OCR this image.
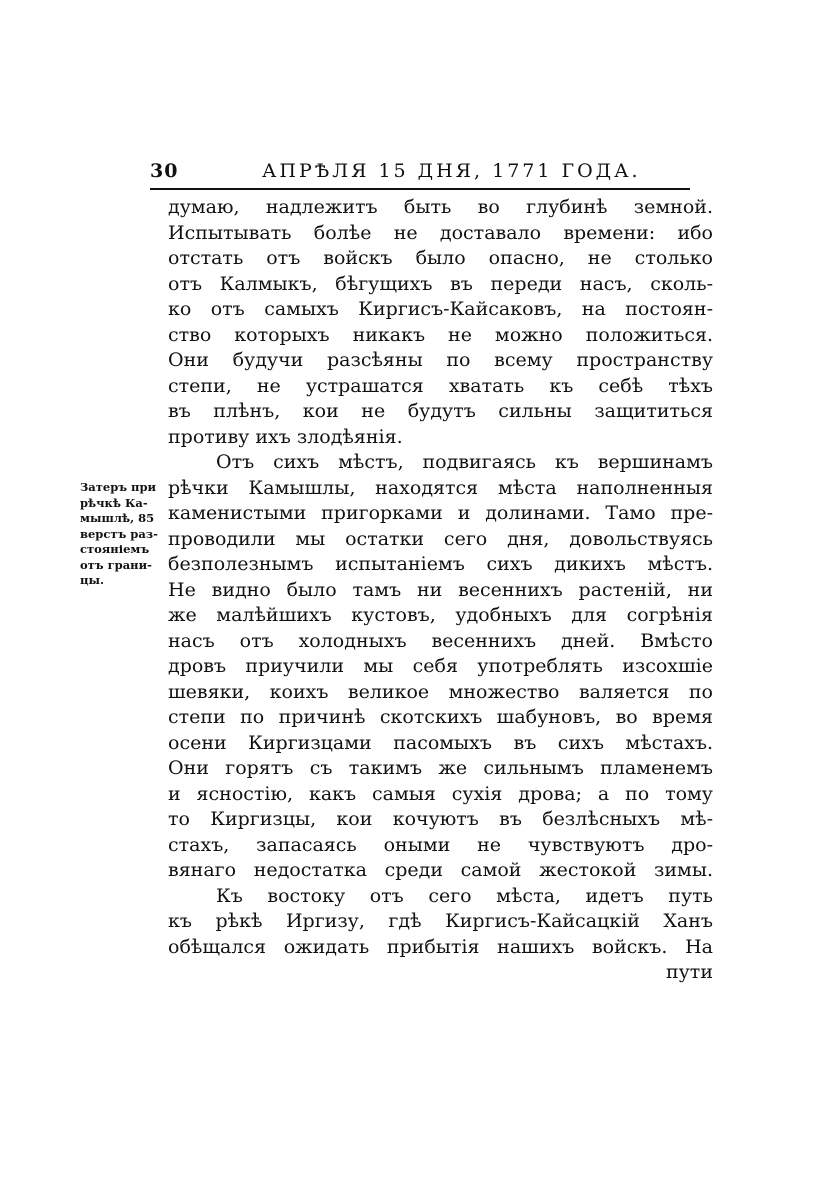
30	АПРѢЛЯ 15 ДНЯ, 1771 ГОДА.
Затеръ при
рѣчкѣ Ка-
мышлѣ, 85
верстъ раз-
стояніемъ
отъ грани-
цы.
думаю, надлежитъ быть во глубинѣ земной.
Испытывать болѣе не доставало времени: ибо
отстать отъ войскъ было опасно, не столько
отъ Калмыкъ, бѣгущихъ въ переди насъ, сколь-
ко отъ самыхъ Киргисъ-Кайсаковъ, на постоян-
ство которыхъ никакъ не можно положиться.
Они будучи разсѣяны по всему пространству
степи, не устрашатся хватать къ себѣ тѣхъ
въ плѣнъ, кои не будутъ сильны защититься
противу ихъ злодѣянія.
Отъ сихъ мѣстъ, подвигаясь къ вершинамъ
рѣчки Камышлы, находятся мѣста наполненныя
каменистыми пригорками и долинами. Тамо пре-
проводили мы остатки сего дня, довольствуясь
безполезнымъ испытаніемъ сихъ дикихъ мѣстъ.
Не видно было тамъ ни весеннихъ растеній, ни
же малѣйшихъ кустовъ, удобныхъ для согрѣнія
насъ отъ холодныхъ весеннихъ дней. Вмѣсто
дровъ приучили мы себя употреблять изсохшіе
шевяки, коихъ великое множество валяется по
степи по причинѣ скотскихъ шабуновъ, во время
осени Киргизцами пасомыхъ въ сихъ мѣстахъ.
Они горятъ съ такимъ же сильнымъ пламенемъ
и ясностію, какъ самыя сухія дрова; а по тому
то Киргизцы, кои кочуютъ въ безлѣсныхъ мѣ-
стахъ, запасаясь оными не чувствуютъ дро-
вянаго недостатка среди самой жестокой зимы.
Къ востоку отъ сего мѣста, идетъ путь
къ рѣкѣ Иргизу, гдѣ Киргисъ-Кайсацкій Ханъ
обѣщался ожидать прибытія нашихъ войскъ. На
пути
